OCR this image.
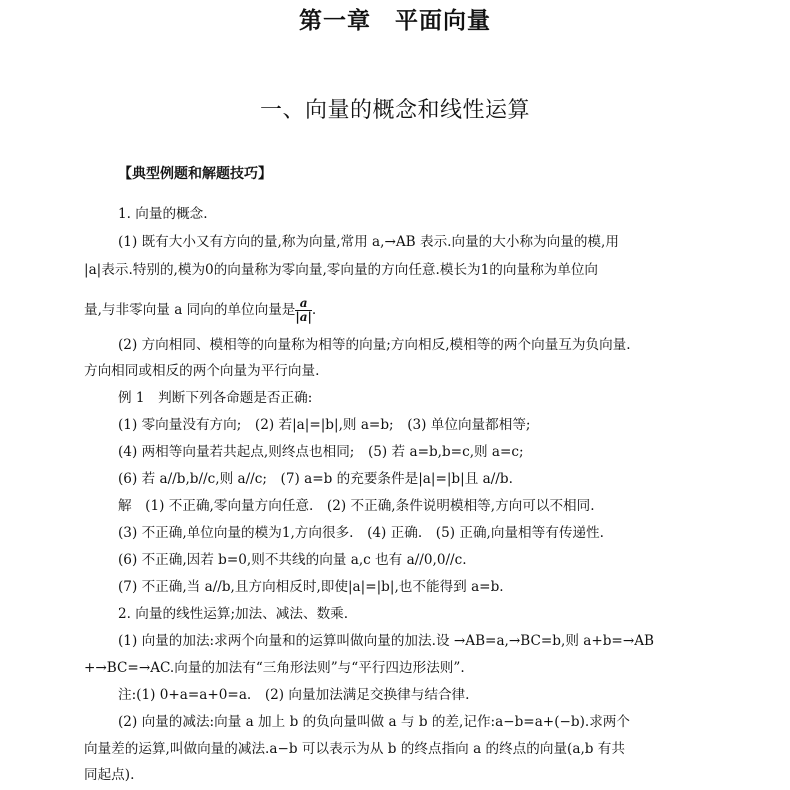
第一章　平面向量
一、向量的概念和线性运算
【典型例题和解题技巧】
1. 向量的概念.
(1) 既有大小又有方向的量,称为向量,常用 a,→AB 表示.向量的大小称为向量的模,用
|a|表示.特别的,模为0的向量称为零向量,零向量的方向任意.模长为1的向量称为单位向
量,与非零向量 a 同向的单位向量是 $\frac{a}{|a|}$ .
(2) 方向相同、模相等的向量称为相等的向量;方向相反,模相等的两个向量互为负向量.
方向相同或相反的两个向量为平行向量.
例 1　判断下列各命题是否正确:
(1) 零向量没有方向;　(2) 若|a|=|b|,则 a=b;　(3) 单位向量都相等;
(4) 两相等向量若共起点,则终点也相同;　(5) 若 a=b,b=c,则 a=c;
(6) 若 a//b,b//c,则 a//c;　(7) a=b 的充要条件是|a|=|b|且 a//b.
解　(1) 不正确,零向量方向任意.　(2) 不正确,条件说明模相等,方向可以不相同.
(3) 不正确,单位向量的模为1,方向很多.　(4) 正确.　(5) 正确,向量相等有传递性.
(6) 不正确,因若 b=0,则不共线的向量 a,c 也有 a//0,0//c.
(7) 不正确,当 a//b,且方向相反时,即使|a|=|b|,也不能得到 a=b.
2. 向量的线性运算;加法、减法、数乘.
(1) 向量的加法:求两个向量和的运算叫做向量的加法.设 →AB=a,→BC=b,则 a+b=→AB
+→BC=→AC.向量的加法有“三角形法则”与“平行四边形法则”.
注:(1) 0+a=a+0=a.　(2) 向量加法满足交换律与结合律.
(2) 向量的减法:向量 a 加上 b 的负向量叫做 a 与 b 的差,记作:a−b=a+(−b).求两个
向量差的运算,叫做向量的减法.a−b 可以表示为从 b 的终点指向 a 的终点的向量(a,b 有共
同起点).
